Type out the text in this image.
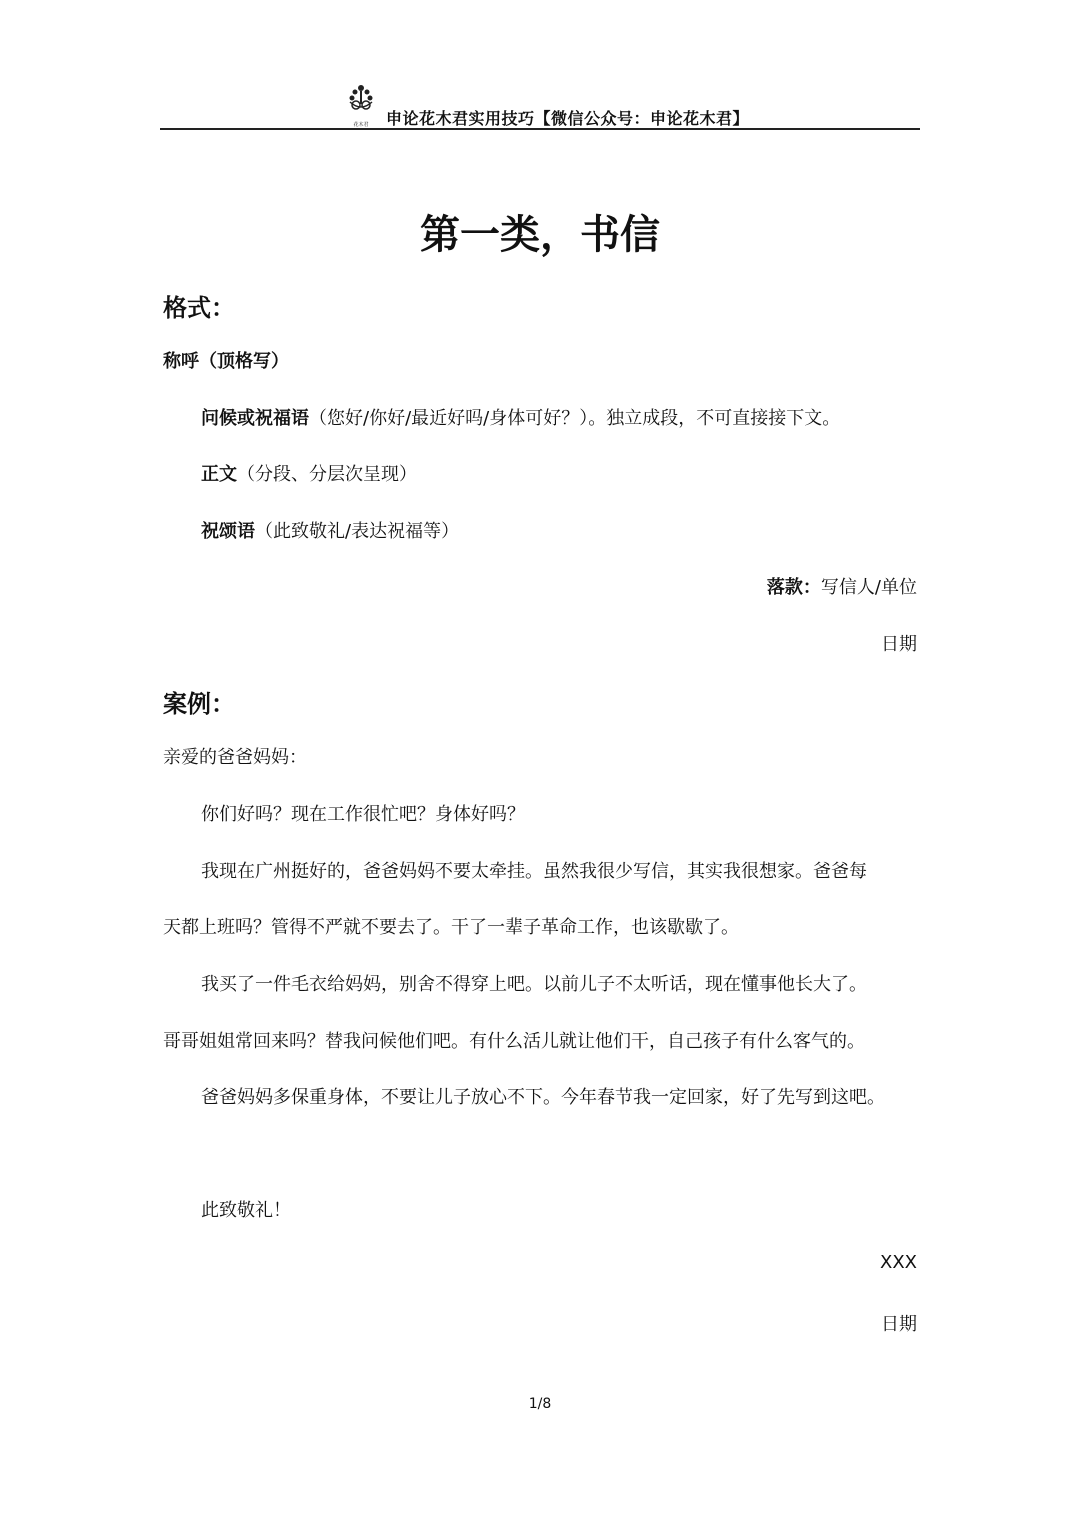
花木君	申论花木君实用技巧【微信公众号：申论花木君】
第一类，书信
格式：
称呼（顶格写）
问候或祝福语（您好/你好/最近好吗/身体可好？）。独立成段，不可直接接下文。
正文（分段、分层次呈现）
祝颂语（此致敬礼/表达祝福等）
落款：写信人/单位
日期
案例：
亲爱的爸爸妈妈：
你们好吗？现在工作很忙吧？身体好吗？
我现在广州挺好的，爸爸妈妈不要太牵挂。虽然我很少写信，其实我很想家。爸爸每
天都上班吗？管得不严就不要去了。干了一辈子革命工作，也该歇歇了。
我买了一件毛衣给妈妈，别舍不得穿上吧。以前儿子不太听话，现在懂事他长大了。
哥哥姐姐常回来吗？替我问候他们吧。有什么活儿就让他们干，自己孩子有什么客气的。
爸爸妈妈多保重身体，不要让儿子放心不下。今年春节我一定回家，好了先写到这吧。
此致敬礼！
XXX
日期
1/8
